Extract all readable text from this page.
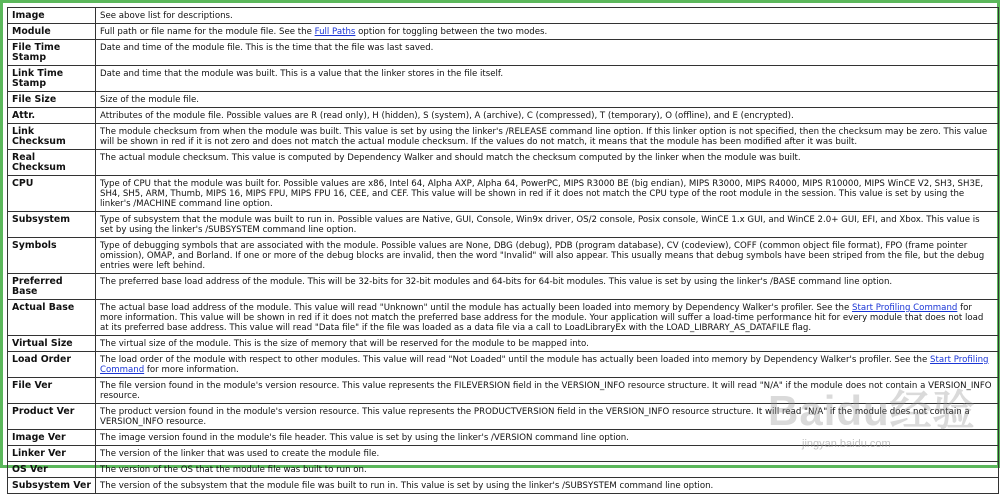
Image	See above list for descriptions.
Module	Full path or file name for the module file. See the Full Paths option for toggling between the two modes.
File Time Stamp	Date and time of the module file. This is the time that the file was last saved.
Link Time Stamp	Date and time that the module was built. This is a value that the linker stores in the file itself.
File Size	Size of the module file.
Attr.	Attributes of the module file. Possible values are R (read only), H (hidden), S (system), A (archive), C (compressed), T (temporary), O (offline), and E (encrypted).
Link Checksum	The module checksum from when the module was built. This value is set by using the linker's /RELEASE command line option. If this linker option is not specified, then the checksum may be zero. This value will be shown in red if it is not zero and does not match the actual module checksum. If the values do not match, it means that the module has been modified after it was built.
Real Checksum	The actual module checksum. This value is computed by Dependency Walker and should match the checksum computed by the linker when the module was built.
CPU	Type of CPU that the module was built for. Possible values are x86, Intel 64, Alpha AXP, Alpha 64, PowerPC, MIPS R3000 BE (big endian), MIPS R3000, MIPS R4000, MIPS R10000, MIPS WinCE V2, SH3, SH3E, SH4, SH5, ARM, Thumb, MIPS 16, MIPS FPU, MIPS FPU 16, CEE, and CEF. This value will be shown in red if it does not match the CPU type of the root module in the session. This value is set by using the linker's /MACHINE command line option.
Subsystem	Type of subsystem that the module was built to run in. Possible values are Native, GUI, Console, Win9x driver, OS/2 console, Posix console, WinCE 1.x GUI, and WinCE 2.0+ GUI, EFI, and Xbox. This value is set by using the linker's /SUBSYSTEM command line option.
Symbols	Type of debugging symbols that are associated with the module. Possible values are None, DBG (debug), PDB (program database), CV (codeview), COFF (common object file format), FPO (frame pointer omission), OMAP, and Borland. If one or more of the debug blocks are invalid, then the word "Invalid" will also appear. This usually means that debug symbols have been striped from the file, but the debug entries were left behind.
Preferred Base	The preferred base load address of the module. This will be 32-bits for 32-bit modules and 64-bits for 64-bit modules. This value is set by using the linker's /BASE command line option.
Actual Base	The actual base load address of the module. This value will read "Unknown" until the module has actually been loaded into memory by Dependency Walker's profiler. See the Start Profiling Command for more information. This value will be shown in red if it does not match the preferred base address for the module. Your application will suffer a load-time performance hit for every module that does not load at its preferred base address. This value will read "Data file" if the file was loaded as a data file via a call to LoadLibraryEx with the LOAD_LIBRARY_AS_DATAFILE flag.
Virtual Size	The virtual size of the module. This is the size of memory that will be reserved for the module to be mapped into.
Load Order	The load order of the module with respect to other modules. This value will read "Not Loaded" until the module has actually been loaded into memory by Dependency Walker's profiler. See the Start Profiling Command for more information.
File Ver	The file version found in the module's version resource. This value represents the FILEVERSION field in the VERSION_INFO resource structure. It will read "N/A" if the module does not contain a VERSION_INFO resource.
Product Ver	The product version found in the module's version resource. This value represents the PRODUCTVERSION field in the VERSION_INFO resource structure. It will read "N/A" if the module does not contain a VERSION_INFO resource.
Image Ver	The image version found in the module's file header. This value is set by using the linker's /VERSION command line option.
Linker Ver	The version of the linker that was used to create the module file.
OS Ver	The version of the OS that the module file was built to run on.
Subsystem Ver	The version of the subsystem that the module file was built to run in. This value is set by using the linker's /SUBSYSTEM command line option.
Baidu经验
jingyan.baidu.com
